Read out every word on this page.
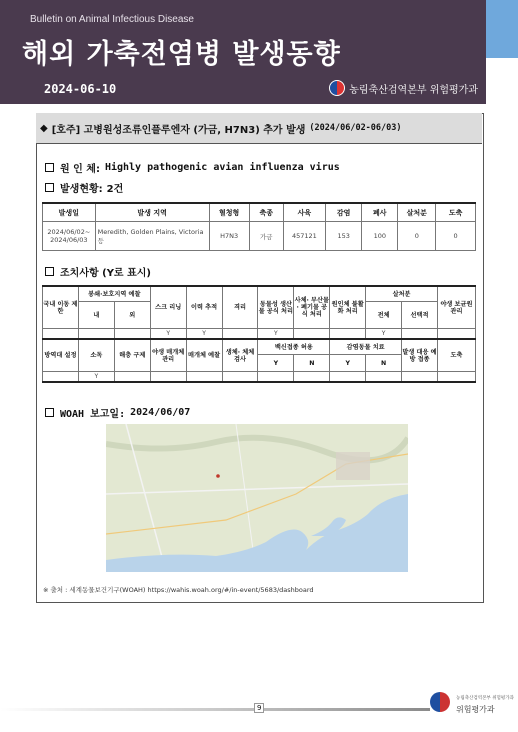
Bulletin on Animal Infectious Disease
해외 가축전염병 발생동향
2024-06-10	농림축산검역본부 위험평가과
◆ [호주] 고병원성조류인플루엔자 (가금, H7N3) 추가 발생 (2024/06/02-06/03)
원 인 체: Highly pathogenic avian influenza virus
발생현황: 2건
발생일	발생 지역	혈청형	축종	사육	감염	폐사	살처분	도축
2024/06/02~ 2024/06/03	Meredith, Golden Plains, Victoria 등	H7N3	가금	457121	153	100	0	0
조치사항 (Y로 표시)
국내 이동 제한	봉쇄·보호지역 예찰		스크 리닝	이력 추적	격리	동물성 생산물 공식 처리	사체· 부산물· 폐기물 공식 처리	원인체 불활화 처리	살처분		야생 보균원 관리
	내	외							전체	선택적	
			Y	Y		Y			Y		
방역대 설정	소독	해충 구제	야생 매개체 관리	매개체 예찰	생체· 체체 검사	백신접종 허용		감염동물 치료		발생 대응 예방 접종	도축
						Y	N	Y	N		
	Y										
WOAH 보고일: 2024/06/07
※ 출처 : 세계동물보건기구(WOAH) https://wahis.woah.org/#/in-event/5683/dashboard
9
농림축산검역본부 위험평가과
위험평가과
